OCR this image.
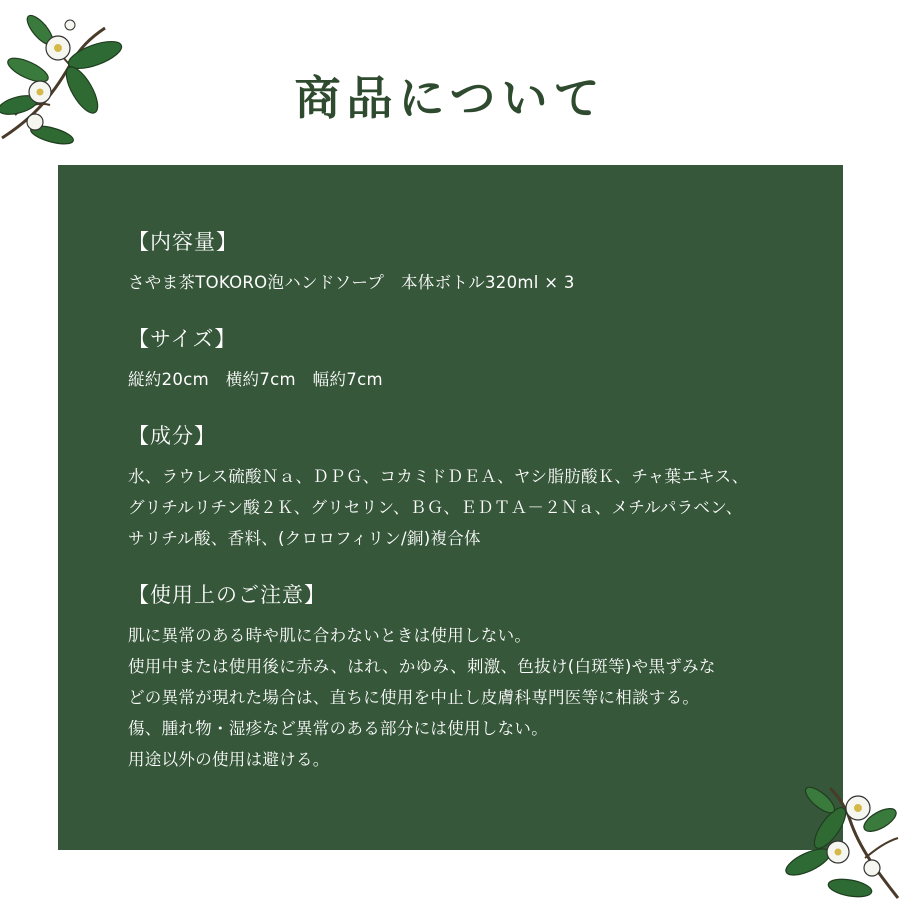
商品について
【内容量】
さやま茶TOKORO泡ハンドソープ　本体ボトル320ml × 3
【サイズ】
縦約20cm　横約7cm　幅約7cm
【成分】
水、ラウレス硫酸Ｎａ、ＤＰＧ、コカミドＤＥＡ、ヤシ脂肪酸Ｋ、チャ葉エキス、
グリチルリチン酸２Ｋ、グリセリン、ＢＧ、ＥＤＴＡ－２Ｎａ、メチルパラベン、
サリチル酸、香料、(クロロフィリン/銅)複合体
【使用上のご注意】
肌に異常のある時や肌に合わないときは使用しない。
使用中または使用後に赤み、はれ、かゆみ、刺激、色抜け(白斑等)や黒ずみな
どの異常が現れた場合は、直ちに使用を中止し皮膚科専門医等に相談する。
傷、腫れ物・湿疹など異常のある部分には使用しない。
用途以外の使用は避ける。
